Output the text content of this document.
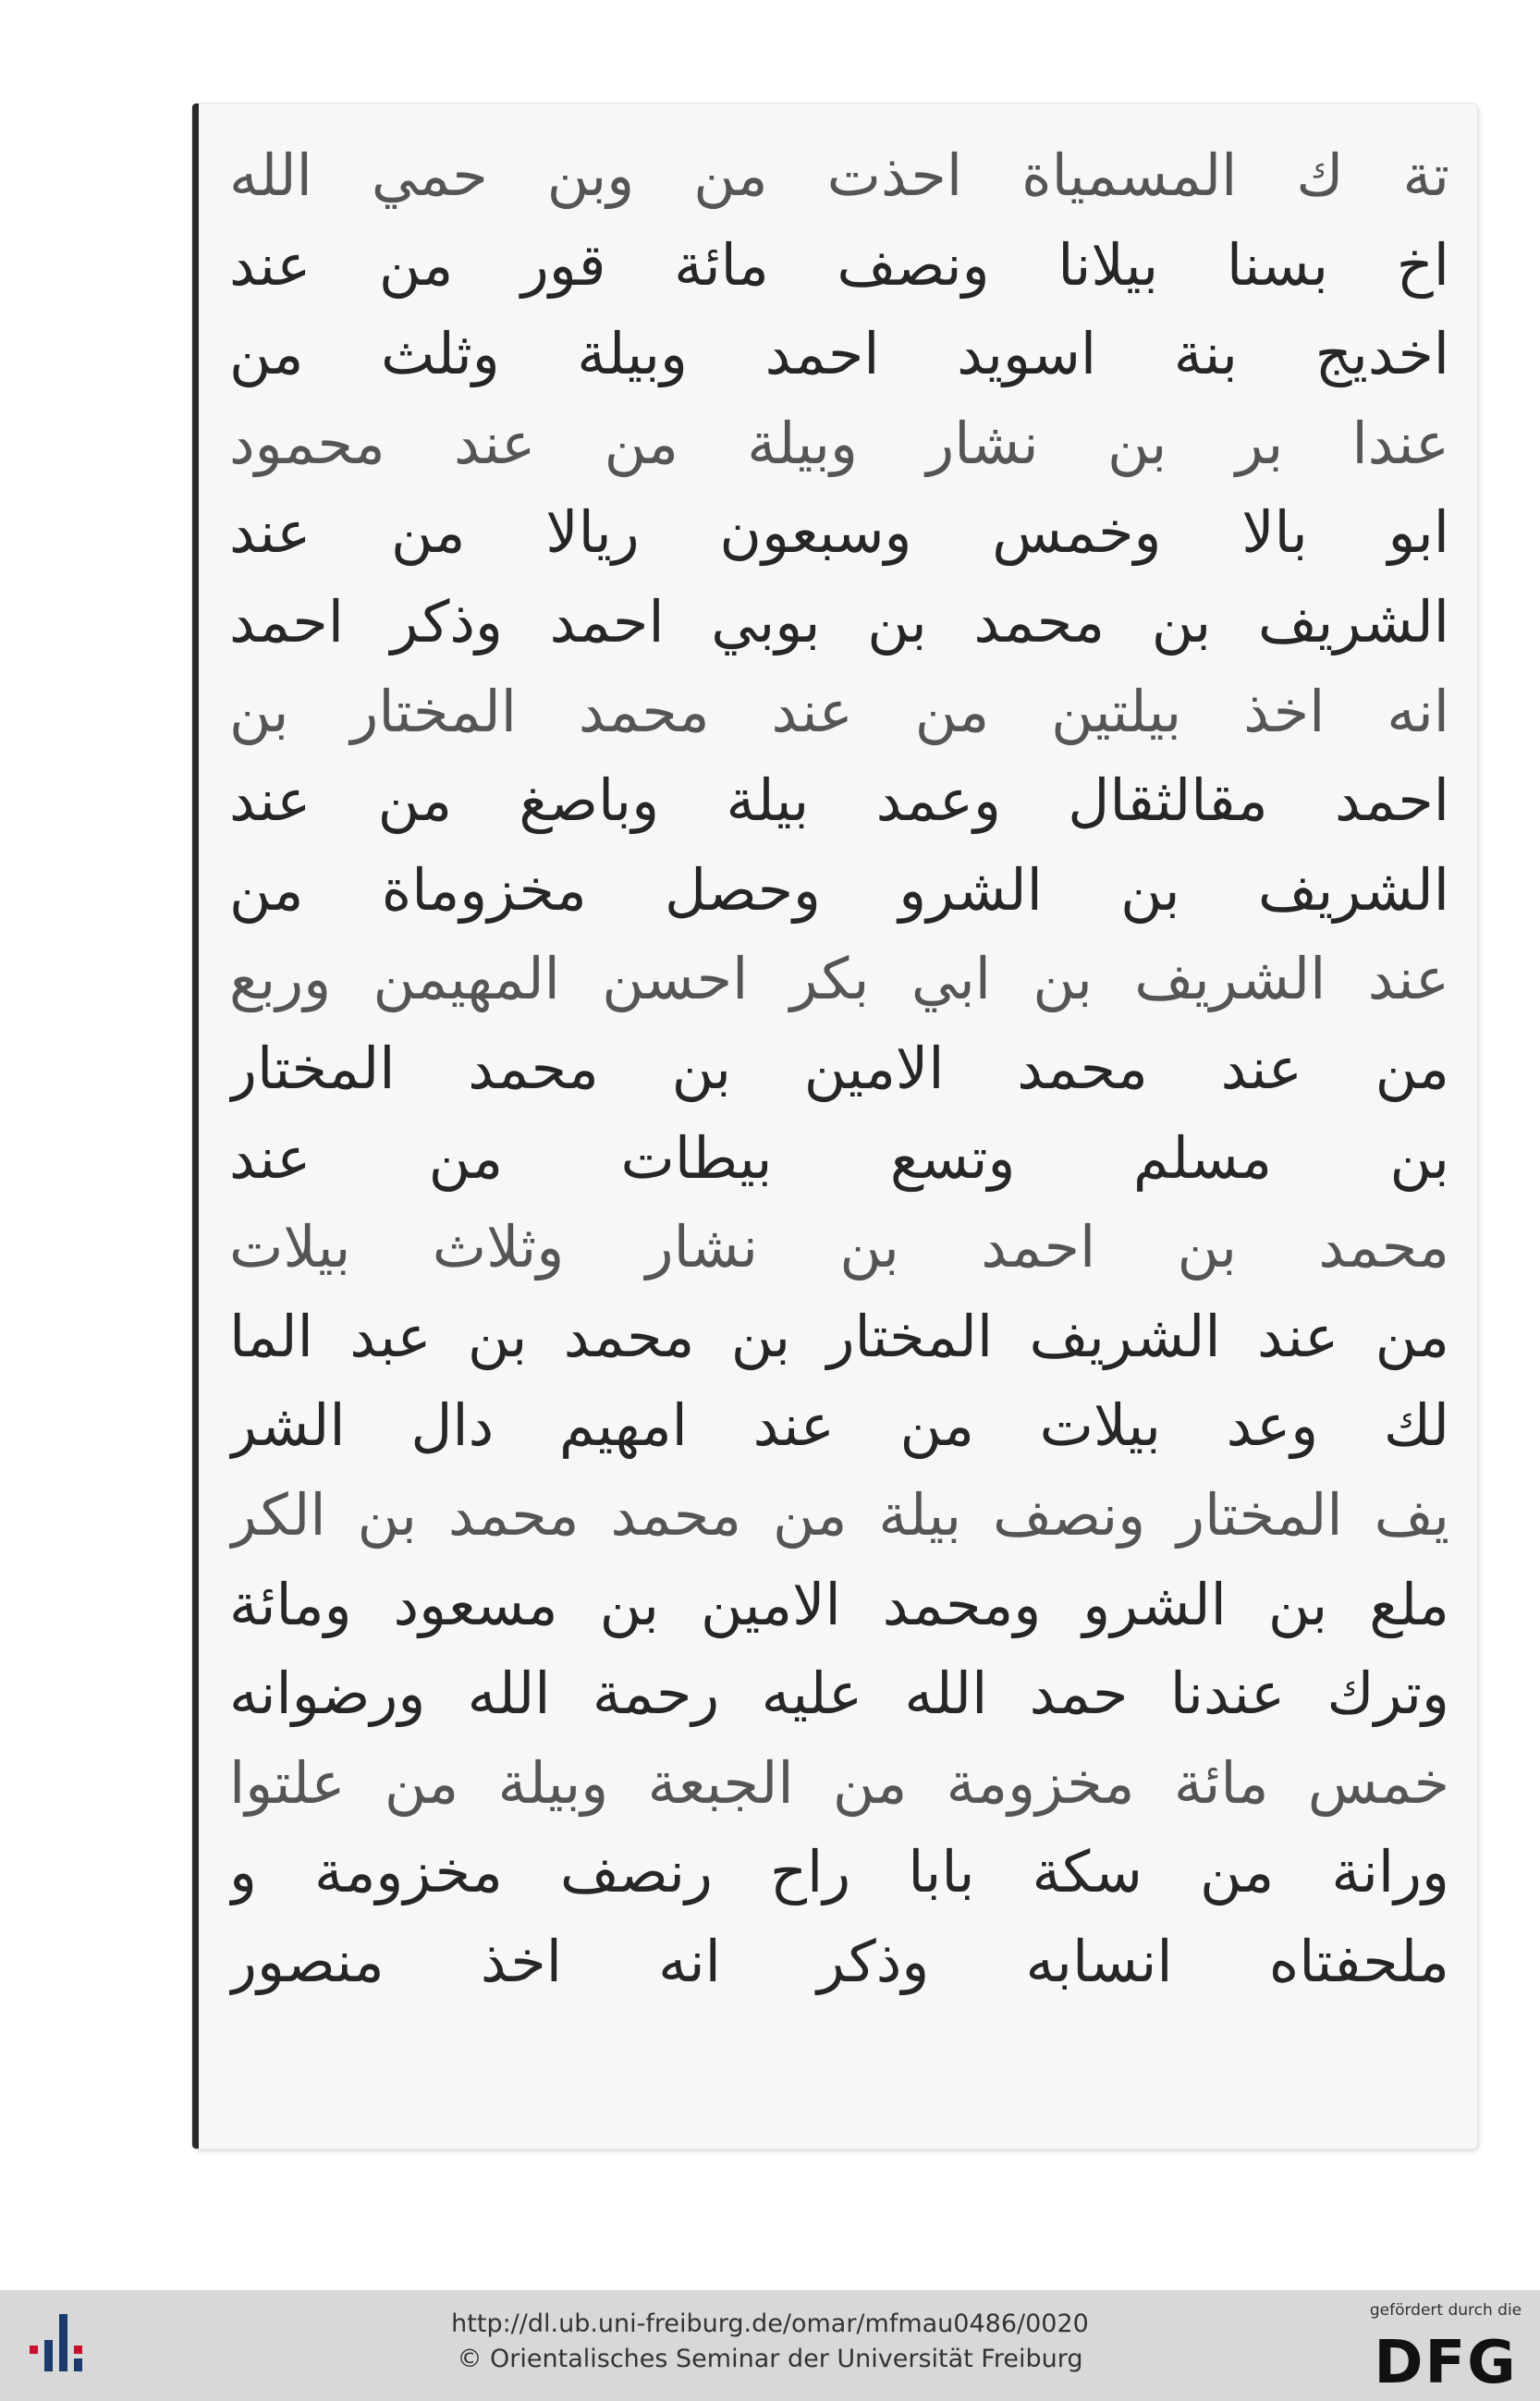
تة ك المسمياة احذت من وبن حمي الله
اخ بسنا بيلانا ونصف مائة قور من عند
اخديج بنة اسويد احمد وبيلة وثلث من
عندا بر بن نشار وبيلة من عند محمود
ابو بالا وخمس وسبعون ريالا من عند
الشريف بن محمد بن بوبي احمد وذكر احمد
انه اخذ بيلتين من عند محمد المختار بن
احمد مقالثقال وعمد بيلة وباصغ من عند
الشريف بن الشرو وحصل مخزوماة من
عند الشريف بن ابي بكر احسن المهيمن وربع
من عند محمد الامين بن محمد المختار
بن مسلم وتسع بيطات من عند
محمد بن احمد بن نشار وثلاث بيلات
من عند الشريف المختار بن محمد بن عبد الما
لك وعد بيلات من عند امهيم دال الشر
يف المختار ونصف بيلة من محمد محمد بن الكر
ملع بن الشرو ومحمد الامين بن مسعود ومائة
وترك عندنا حمد الله عليه رحمة الله ورضوانه
خمس مائة مخزومة من الجبعة وبيلة من علتوا
ورانة من سكة بابا راح رنصف مخزومة و
ملحفتاه انسابه وذكر انه اخذ منصور
http://dl.ub.uni-freiburg.de/omar/mfmau0486/0020
© Orientalisches Seminar der Universität Freiburg
gefördert durch die
DFG
